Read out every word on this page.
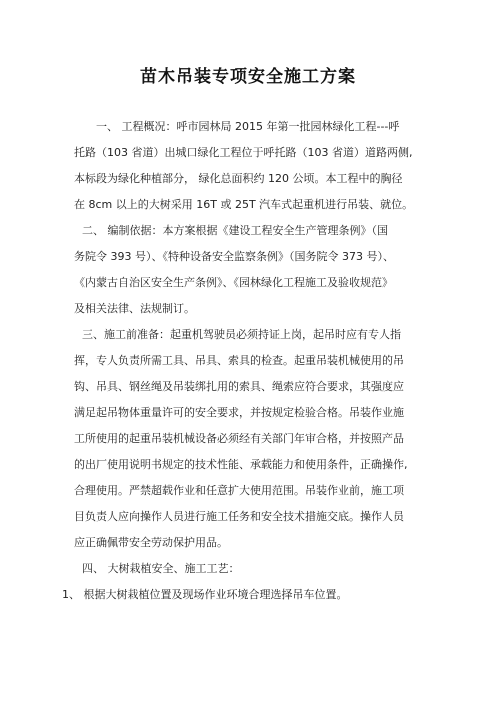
苗木吊装专项安全施工方案
一、 工程概况：呼市园林局 2015 年第一批园林绿化工程---呼
托路（103 省道）出城口绿化工程位于呼托路（103 省道）道路两侧,
本标段为绿化种植部分， 绿化总面积约 120 公顷。本工程中的胸径
在 8cm 以上的大树采用 16T 或 25T 汽车式起重机进行吊装、就位。
二、 编制依据：本方案根据《建设工程安全生产管理条例》（国
务院令 393 号）、《特种设备安全监察条例》（国务院令 373 号）、
《内蒙古自治区安全生产条例》、《园林绿化工程施工及验收规范》
及相关法律、法规制订。
三、施工前准备：起重机驾驶员必须持证上岗，起吊时应有专人指
挥，专人负责所需工具、吊具、索具的检查。起重吊装机械使用的吊
钩、吊具、钢丝绳及吊装绑扎用的索具、绳索应符合要求，其强度应
满足起吊物体重量许可的安全要求，并按规定检验合格。吊装作业施
工所使用的起重吊装机械设备必须经有关部门年审合格，并按照产品
的出厂使用说明书规定的技术性能、承载能力和使用条件，正确操作,
合理使用。严禁超载作业和任意扩大使用范围。吊装作业前，施工项
目负责人应向操作人员进行施工任务和安全技术措施交底。操作人员
应正确佩带安全劳动保护用品。
四、 大树栽植安全、施工工艺：
1、 根据大树栽植位置及现场作业环境合理选择吊车位置。
